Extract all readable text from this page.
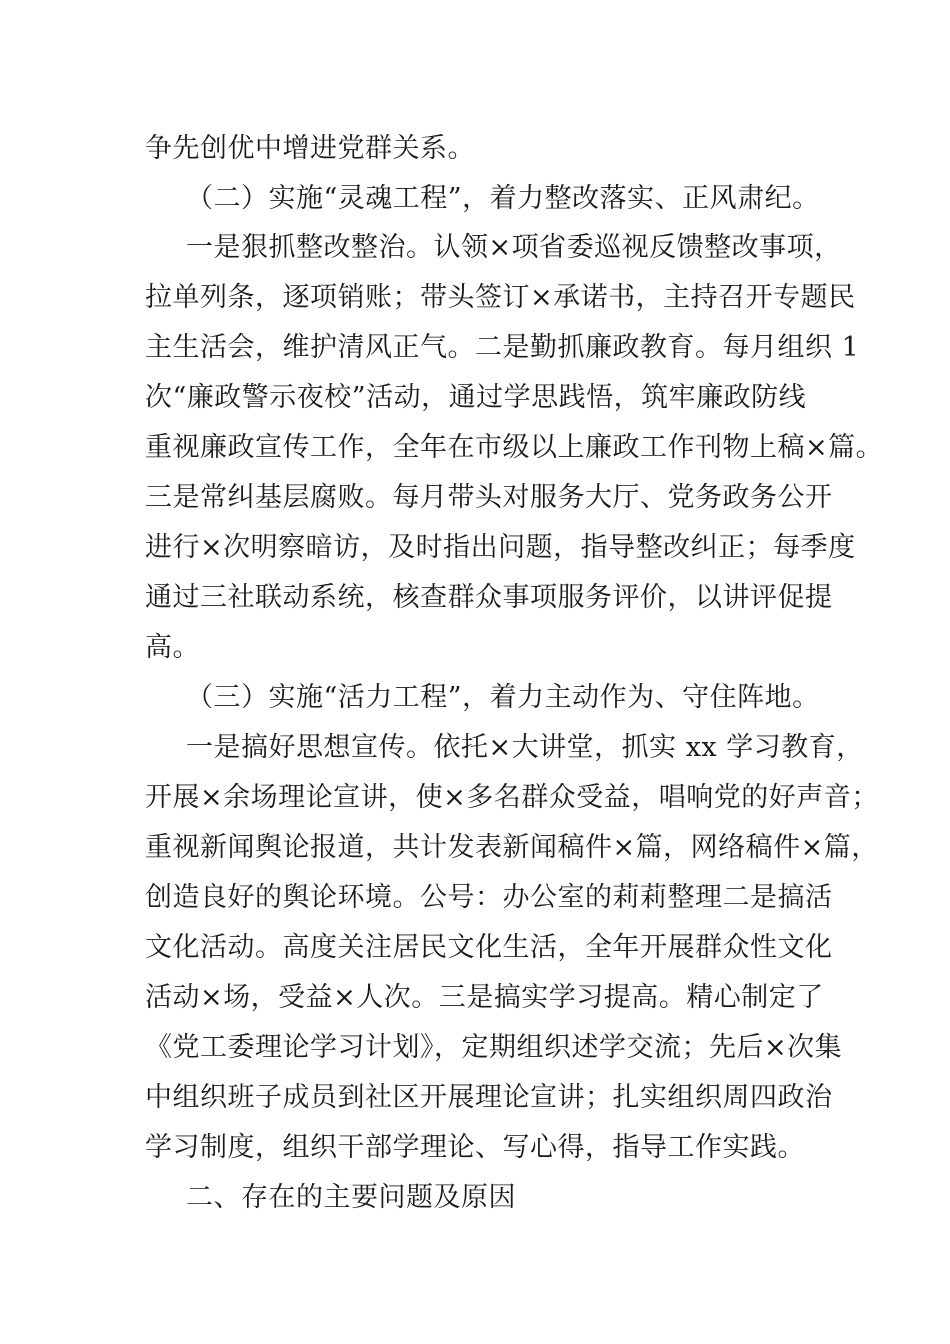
争先创优中增进党群关系。
（二）实施“灵魂工程”，着力整改落实、正风肃纪。
一是狠抓整改整治。认领×项省委巡视反馈整改事项，
拉单列条，逐项销账；带头签订×承诺书，主持召开专题民
主生活会，维护清风正气。二是勤抓廉政教育。每月组织 1
次“廉政警示夜校”活动，通过学思践悟，筑牢廉政防线
重视廉政宣传工作，全年在市级以上廉政工作刊物上稿×篇。
三是常纠基层腐败。每月带头对服务大厅、党务政务公开
进行×次明察暗访，及时指出问题，指导整改纠正；每季度
通过三社联动系统，核查群众事项服务评价，以讲评促提
高。
（三）实施“活力工程”，着力主动作为、守住阵地。
一是搞好思想宣传。依托×大讲堂，抓实 xx 学习教育，
开展×余场理论宣讲，使×多名群众受益，唱响党的好声音；
重视新闻舆论报道，共计发表新闻稿件×篇，网络稿件×篇，
创造良好的舆论环境。公号：办公室的莉莉整理二是搞活
文化活动。高度关注居民文化生活，全年开展群众性文化
活动×场，受益×人次。三是搞实学习提高。精心制定了
《党工委理论学习计划》，定期组织述学交流；先后×次集
中组织班子成员到社区开展理论宣讲；扎实组织周四政治
学习制度，组织干部学理论、写心得，指导工作实践。
二、存在的主要问题及原因
